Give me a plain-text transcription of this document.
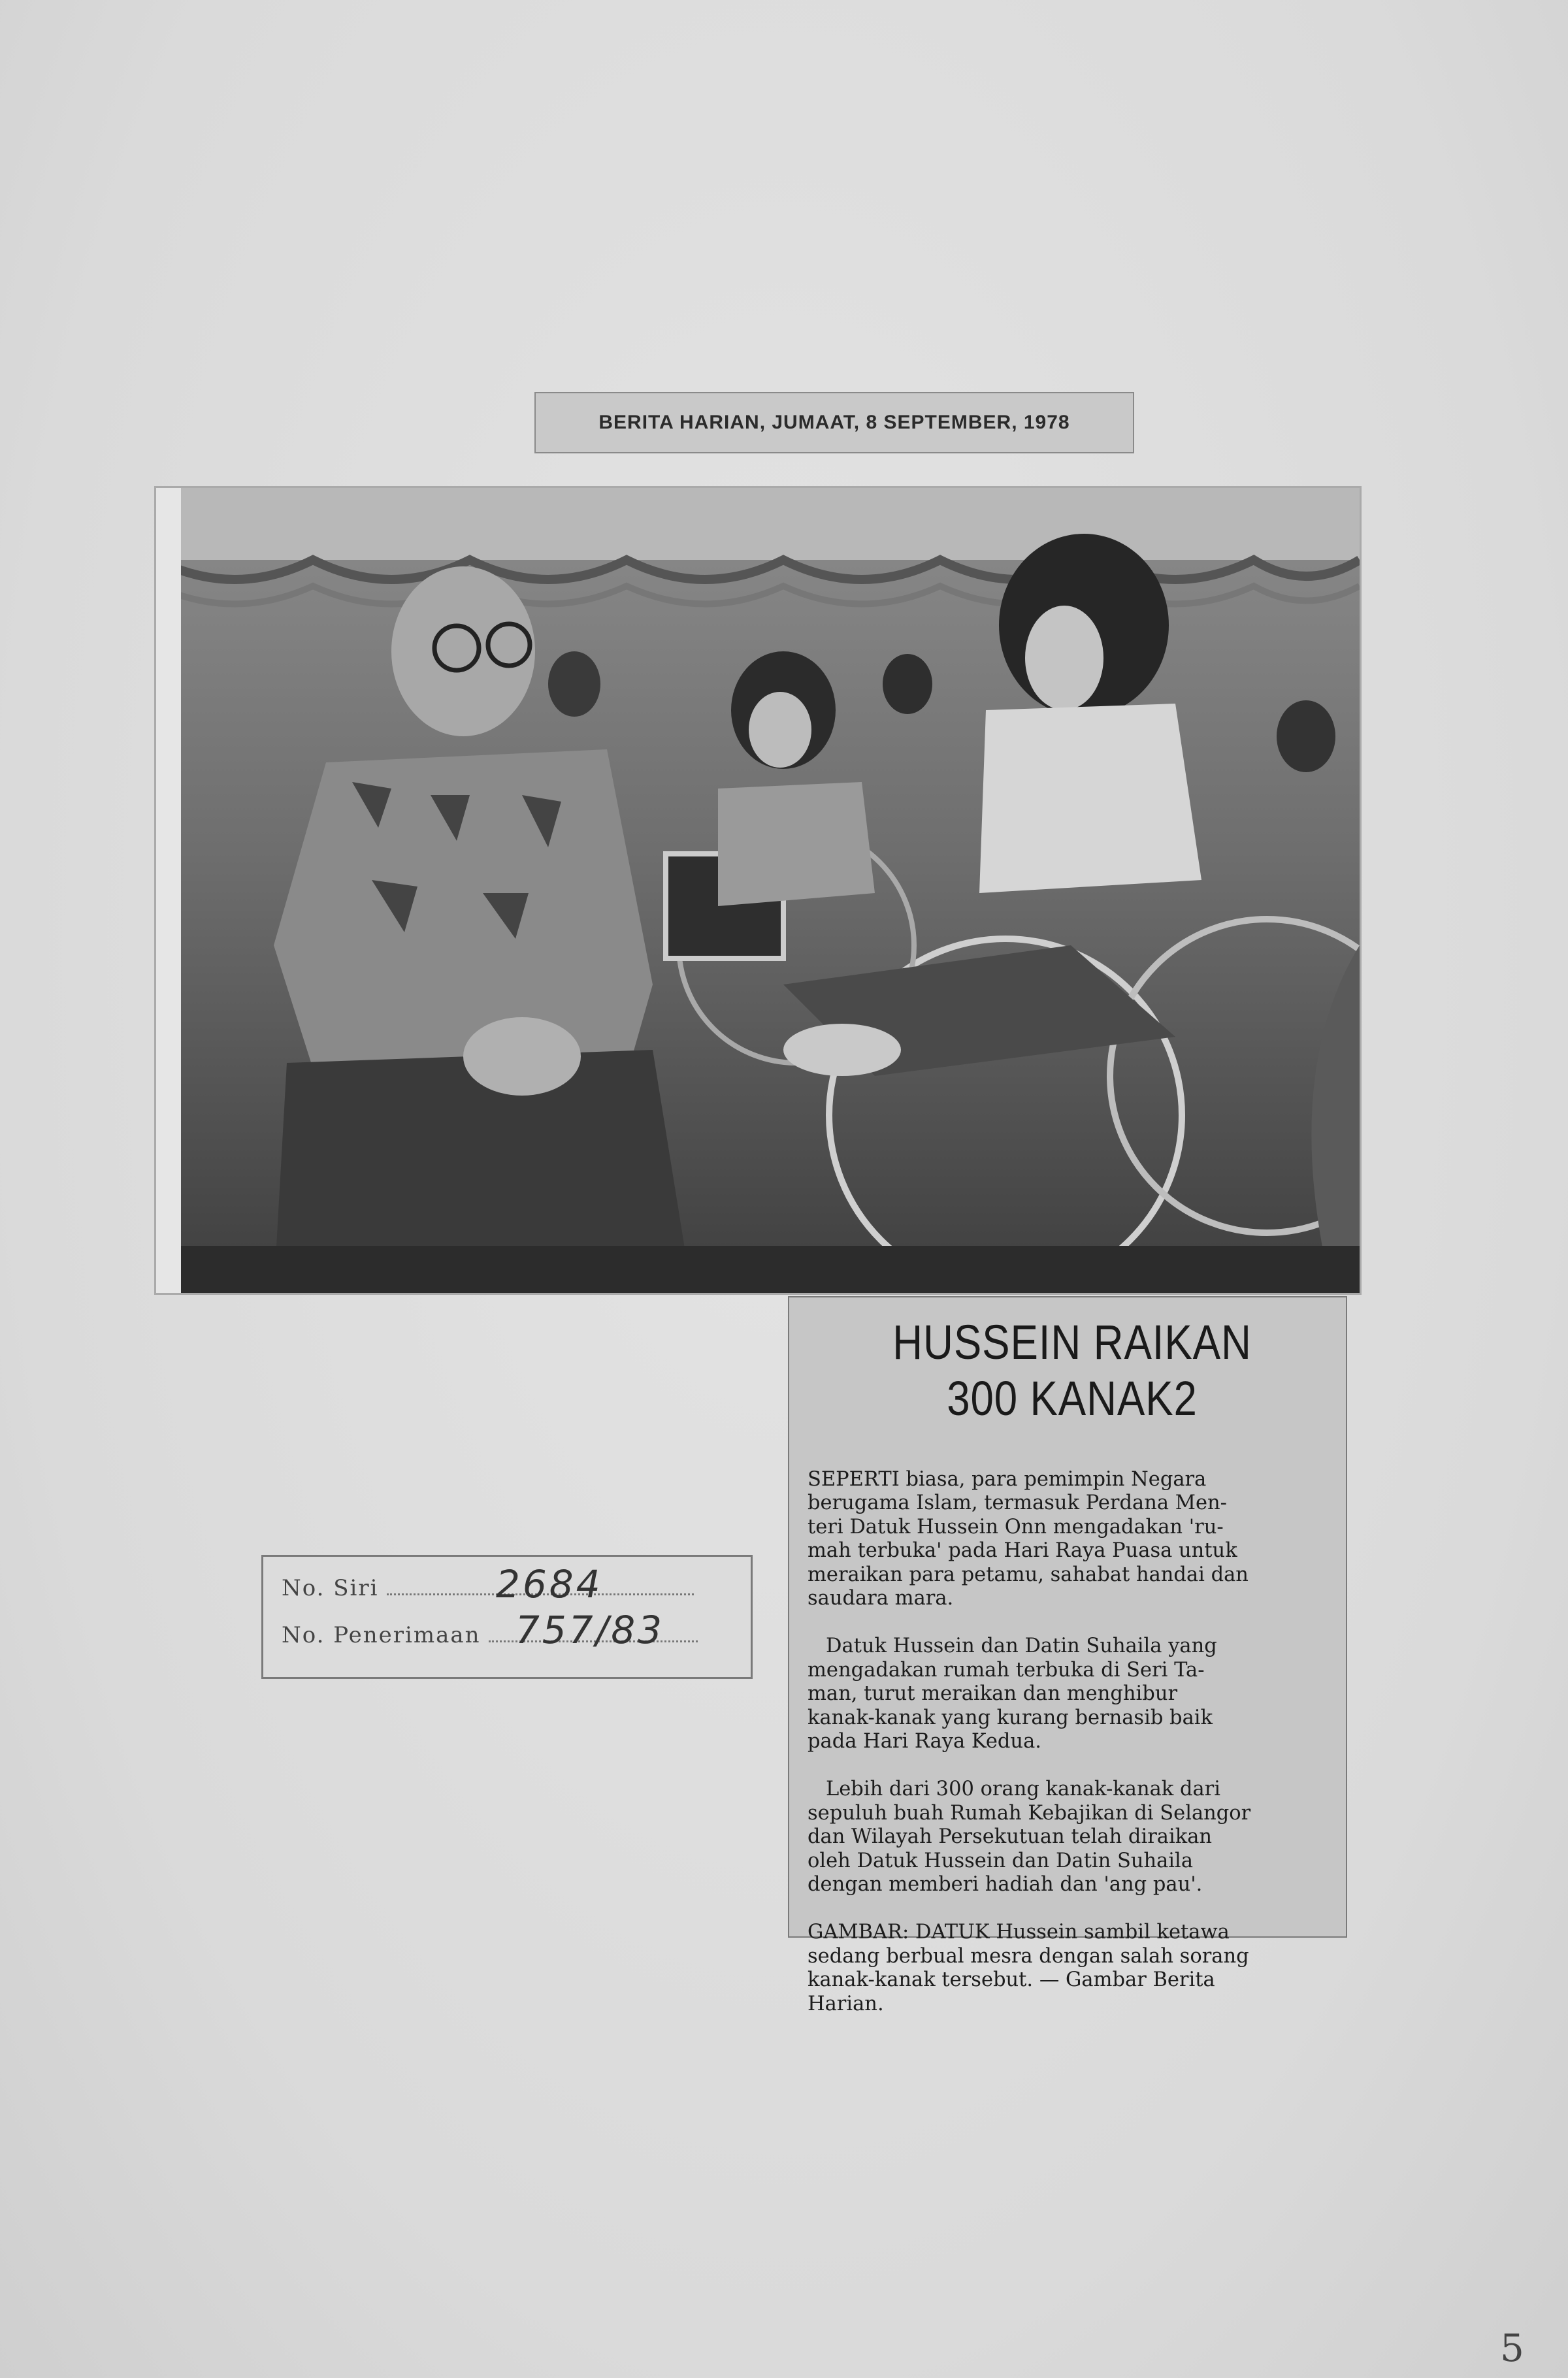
BERITA HARIAN, JUMAAT, 8 SEPTEMBER, 1978
HUSSEIN RAIKAN
300 KANAK2

SEPERTI biasa, para pemimpin Negara
berugama Islam, termasuk Perdana Men-
teri Datuk Hussein Onn mengadakan 'ru-
mah terbuka' pada Hari Raya Puasa untuk
meraikan para petamu, sahabat handai dan
saudara mara.

Datuk Hussein dan Datin Suhaila yang
mengadakan rumah terbuka di Seri Ta-
man, turut meraikan dan menghibur
kanak-kanak yang kurang bernasib baik
pada Hari Raya Kedua.

Lebih dari 300 orang kanak-kanak dari
sepuluh buah Rumah Kebajikan di Selangor
dan Wilayah Persekutuan telah diraikan
oleh Datuk Hussein dan Datin Suhaila
dengan memberi hadiah dan 'ang pau'.

GAMBAR: DATUK Hussein sambil ketawa
sedang berbual mesra dengan salah sorang
kanak-kanak tersebut. — Gambar Berita
Harian.

No. Siri	2684
No. Penerimaan 757/83
5
